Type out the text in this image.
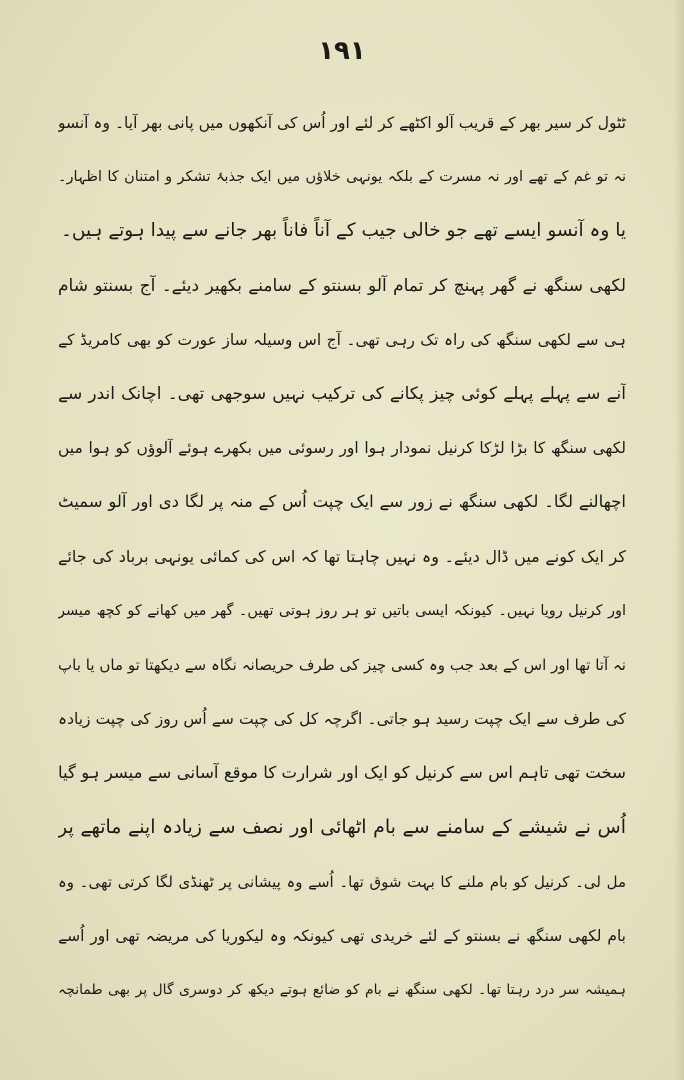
۱۹۱
ٹٹول کر سیر بھر کے قریب آلو اکٹھے کر لئے اور اُس کی آنکھوں میں پانی بھر آیا۔ وہ آنسو
نہ تو غم کے تھے اور نہ مسرت کے بلکہ یونہی خلاؤں میں ایک جذبۂ تشکر و امتنان کا اظہار۔
یا وہ آنسو ایسے تھے جو خالی جیب کے آناً فاناً بھر جانے سے پیدا ہوتے ہیں۔
لکھی سنگھ نے گھر پہنچ کر تمام آلو بسنتو کے سامنے بکھیر دیئے۔ آج بسنتو شام
ہی سے لکھی سنگھ کی راہ تک رہی تھی۔ آج اس وسیلہ ساز عورت کو بھی کامریڈ کے
آنے سے پہلے پہلے کوئی چیز پکانے کی ترکیب نہیں سوجھی تھی۔ اچانک اندر سے
لکھی سنگھ کا بڑا لڑکا کرنیل نمودار ہوا اور رسوئی میں بکھرے ہوئے آلوؤں کو ہوا میں
اچھالنے لگا۔ لکھی سنگھ نے زور سے ایک چپت اُس کے منہ پر لگا دی اور آلو سمیٹ
کر ایک کونے میں ڈال دیئے۔ وہ نہیں چاہتا تھا کہ اس کی کمائی یونہی برباد کی جائے
اور کرنیل رویا نہیں۔ کیونکہ ایسی باتیں تو ہر روز ہوتی تھیں۔ گھر میں کھانے کو کچھ میسر
نہ آتا تھا اور اس کے بعد جب وہ کسی چیز کی طرف حریصانہ نگاہ سے دیکھتا تو ماں یا باپ
کی طرف سے ایک چپت رسید ہو جاتی۔ اگرچہ کل کی چپت سے اُس روز کی چپت زیادہ
سخت تھی تاہم اس سے کرنیل کو ایک اور شرارت کا موقع آسانی سے میسر ہو گیا
اُس نے شیشے کے سامنے سے بام اٹھائی اور نصف سے زیادہ اپنے ماتھے پر
مل لی۔ کرنیل کو بام ملنے کا بہت شوق تھا۔ اُسے وہ پیشانی پر ٹھنڈی لگا کرتی تھی۔ وہ
بام لکھی سنگھ نے بسنتو کے لئے خریدی تھی کیونکہ وہ لیکوریا کی مریضہ تھی اور اُسے
ہمیشہ سر درد رہتا تھا۔ لکھی سنگھ نے بام کو ضائع ہوتے دیکھ کر دوسری گال پر بھی طمانچہ
